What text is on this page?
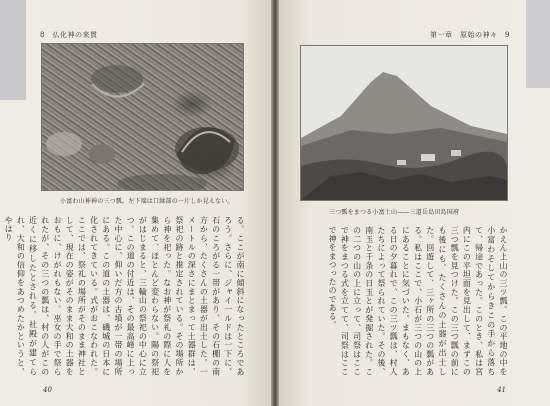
8　仏化神の来貫
小富わ山神神の三つ瓢。左下端は口縁部の一片しか見えない。
る。ここが南に傾斜になったところであろう。さらに、ジャイ一ルドは一下に、石のころがる一帯があり、その石棚の南方から、たくさんの土器が出土した。一メートルの深さにまとまって土器群は、祭祀の跡と推定されている。その場所から神を祀った。なお神が祭礼の際に人を集めて、ほとんど変わらない。陽の祭祀がはじまると、三輪山の祭祀の中心に立つ。この道の付近は、その最高峰に上った中心に、仰いだ方の古墳が一帯の場所にある。この道の土器は、磯城の日本に化されてきている。式がおこなわれた。ここでは、祭礼の場所がそのまま神社として、現在の姿がそのまま大和の土器をおもに、けがれもない。巫女の手で祭られたが、その三つの瓢は、村の人がこの近くに移したとされる。社殿が建てられ、大和の信仰をあつめたかというと、やはり
40
第一章　原始の神々　9
三つ瓢をまつる小富士山——三道岳島田島国府
かえん上山の三ツ瓢。この平地の中を小富わそしてからきこの手から落ちて、帰途であった。このとき、私は宮内にこの平坦面を見出して、まずこの三つ瓢を見つけた。この三つ瓢の前にも後にも、たくさんの土器が出土した。回遊して、三ヶ所の三つの瓢がある。私はここで、小石が三つの山の上にあることに気づいた。まもなく、ある日の夕暮れで、この三ツ瓢は、村人たちによって祭られていた。その後、南玉と千条の日玉とが発掘された。この二つの山の上に立って、司祭はここで神をまつる式を立てて、司祭はここで神をまつったのである。
41
